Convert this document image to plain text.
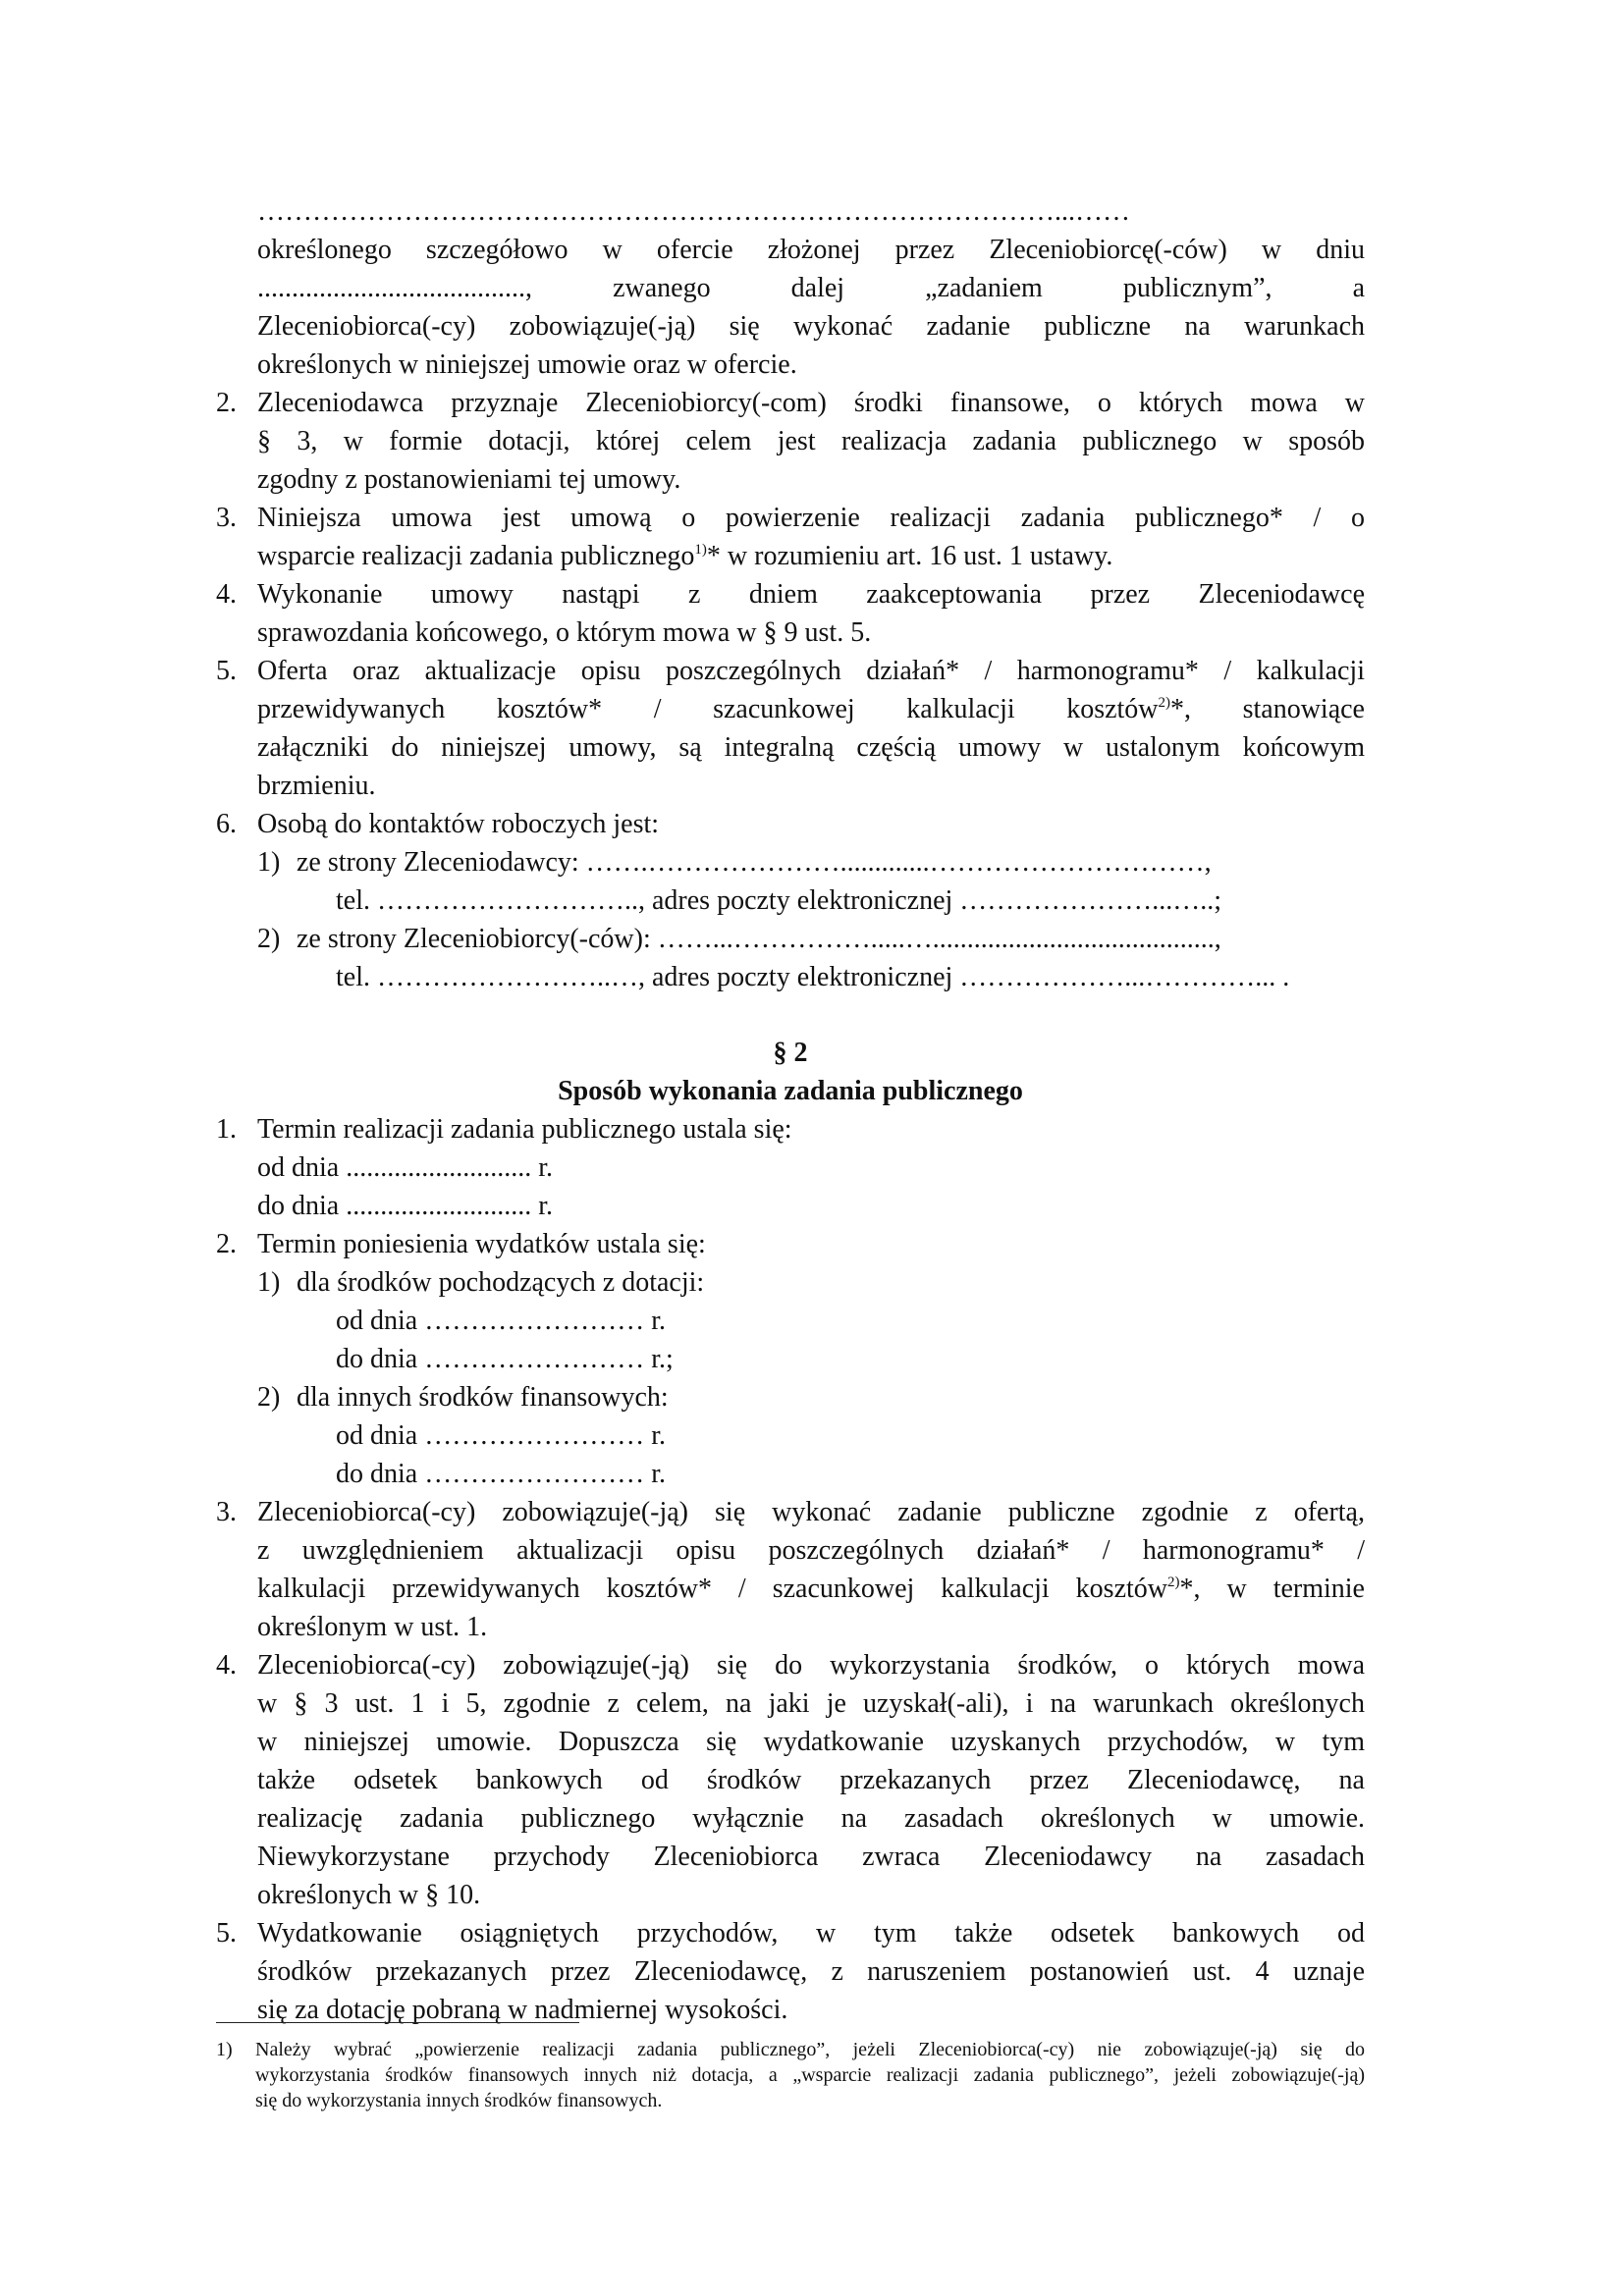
……………………………………………………………………………...……
określonego szczegółowo w ofercie złożonej przez Zleceniobiorcę(-ców) w dniu
......................................., zwanego dalej „zadaniem publicznym”, a
Zleceniobiorca(-cy) zobowiązuje(-ją) się wykonać zadanie publiczne na warunkach
określonych w niniejszej umowie oraz w ofercie.
2. Zleceniodawca przyznaje Zleceniobiorcy(-com) środki finansowe, o których mowa w
§ 3, w formie dotacji, której celem jest realizacja zadania publicznego w sposób
zgodny z postanowieniami tej umowy.
3. Niniejsza umowa jest umową o powierzenie realizacji zadania publicznego* / o
wsparcie realizacji zadania publicznego$^{1)}$* w rozumieniu art. 16 ust. 1 ustawy.
4. Wykonanie umowy nastąpi z dniem zaakceptowania przez Zleceniodawcę
sprawozdania końcowego, o którym mowa w § 9 ust. 5.
5. Oferta oraz aktualizacje opisu poszczególnych działań* / harmonogramu* / kalkulacji
przewidywanych kosztów* / szacunkowej kalkulacji kosztów$^{2)}$*, stanowiące
załączniki do niniejszej umowy, są integralną częścią umowy w ustalonym końcowym
brzmieniu.
6. Osobą do kontaktów roboczych jest:
1) ze strony Zleceniodawcy: …….………………….............…………………………,
tel. ……………………….., adres poczty elektronicznej …………………...…..;
2) ze strony Zleceniobiorcy(-ców): ……...…………….....….........................................,
tel. ……………………..…, adres poczty elektronicznej ………………...…………... .
§ 2
Sposób wykonania zadania publicznego
1. Termin realizacji zadania publicznego ustala się:
od dnia ........................... r.
do dnia ........................... r.
2. Termin poniesienia wydatków ustala się:
1) dla środków pochodzących z dotacji:
od dnia …………………… r.
do dnia …………………… r.;
2) dla innych środków finansowych:
od dnia …………………… r.
do dnia …………………… r.
3. Zleceniobiorca(-cy) zobowiązuje(-ją) się wykonać zadanie publiczne zgodnie z ofertą,
z uwzględnieniem aktualizacji opisu poszczególnych działań* / harmonogramu* /
kalkulacji przewidywanych kosztów* / szacunkowej kalkulacji kosztów$^{2)}$*, w terminie
określonym w ust. 1.
4. Zleceniobiorca(-cy) zobowiązuje(-ją) się do wykorzystania środków, o których mowa
w § 3 ust. 1 i 5, zgodnie z celem, na jaki je uzyskał(-ali), i na warunkach określonych
w niniejszej umowie. Dopuszcza się wydatkowanie uzyskanych przychodów, w tym
także odsetek bankowych od środków przekazanych przez Zleceniodawcę, na
realizację zadania publicznego wyłącznie na zasadach określonych w umowie.
Niewykorzystane przychody Zleceniobiorca zwraca Zleceniodawcy na zasadach
określonych w § 10.
5. Wydatkowanie osiągniętych przychodów, w tym także odsetek bankowych od
środków przekazanych przez Zleceniodawcę, z naruszeniem postanowień ust. 4 uznaje
się za dotację pobraną w nadmiernej wysokości.
1) Należy wybrać „powierzenie realizacji zadania publicznego”, jeżeli Zleceniobiorca(-cy) nie zobowiązuje(-ją) się do
wykorzystania środków finansowych innych niż dotacja, a „wsparcie realizacji zadania publicznego”, jeżeli zobowiązuje(-ją)
się do wykorzystania innych środków finansowych.
